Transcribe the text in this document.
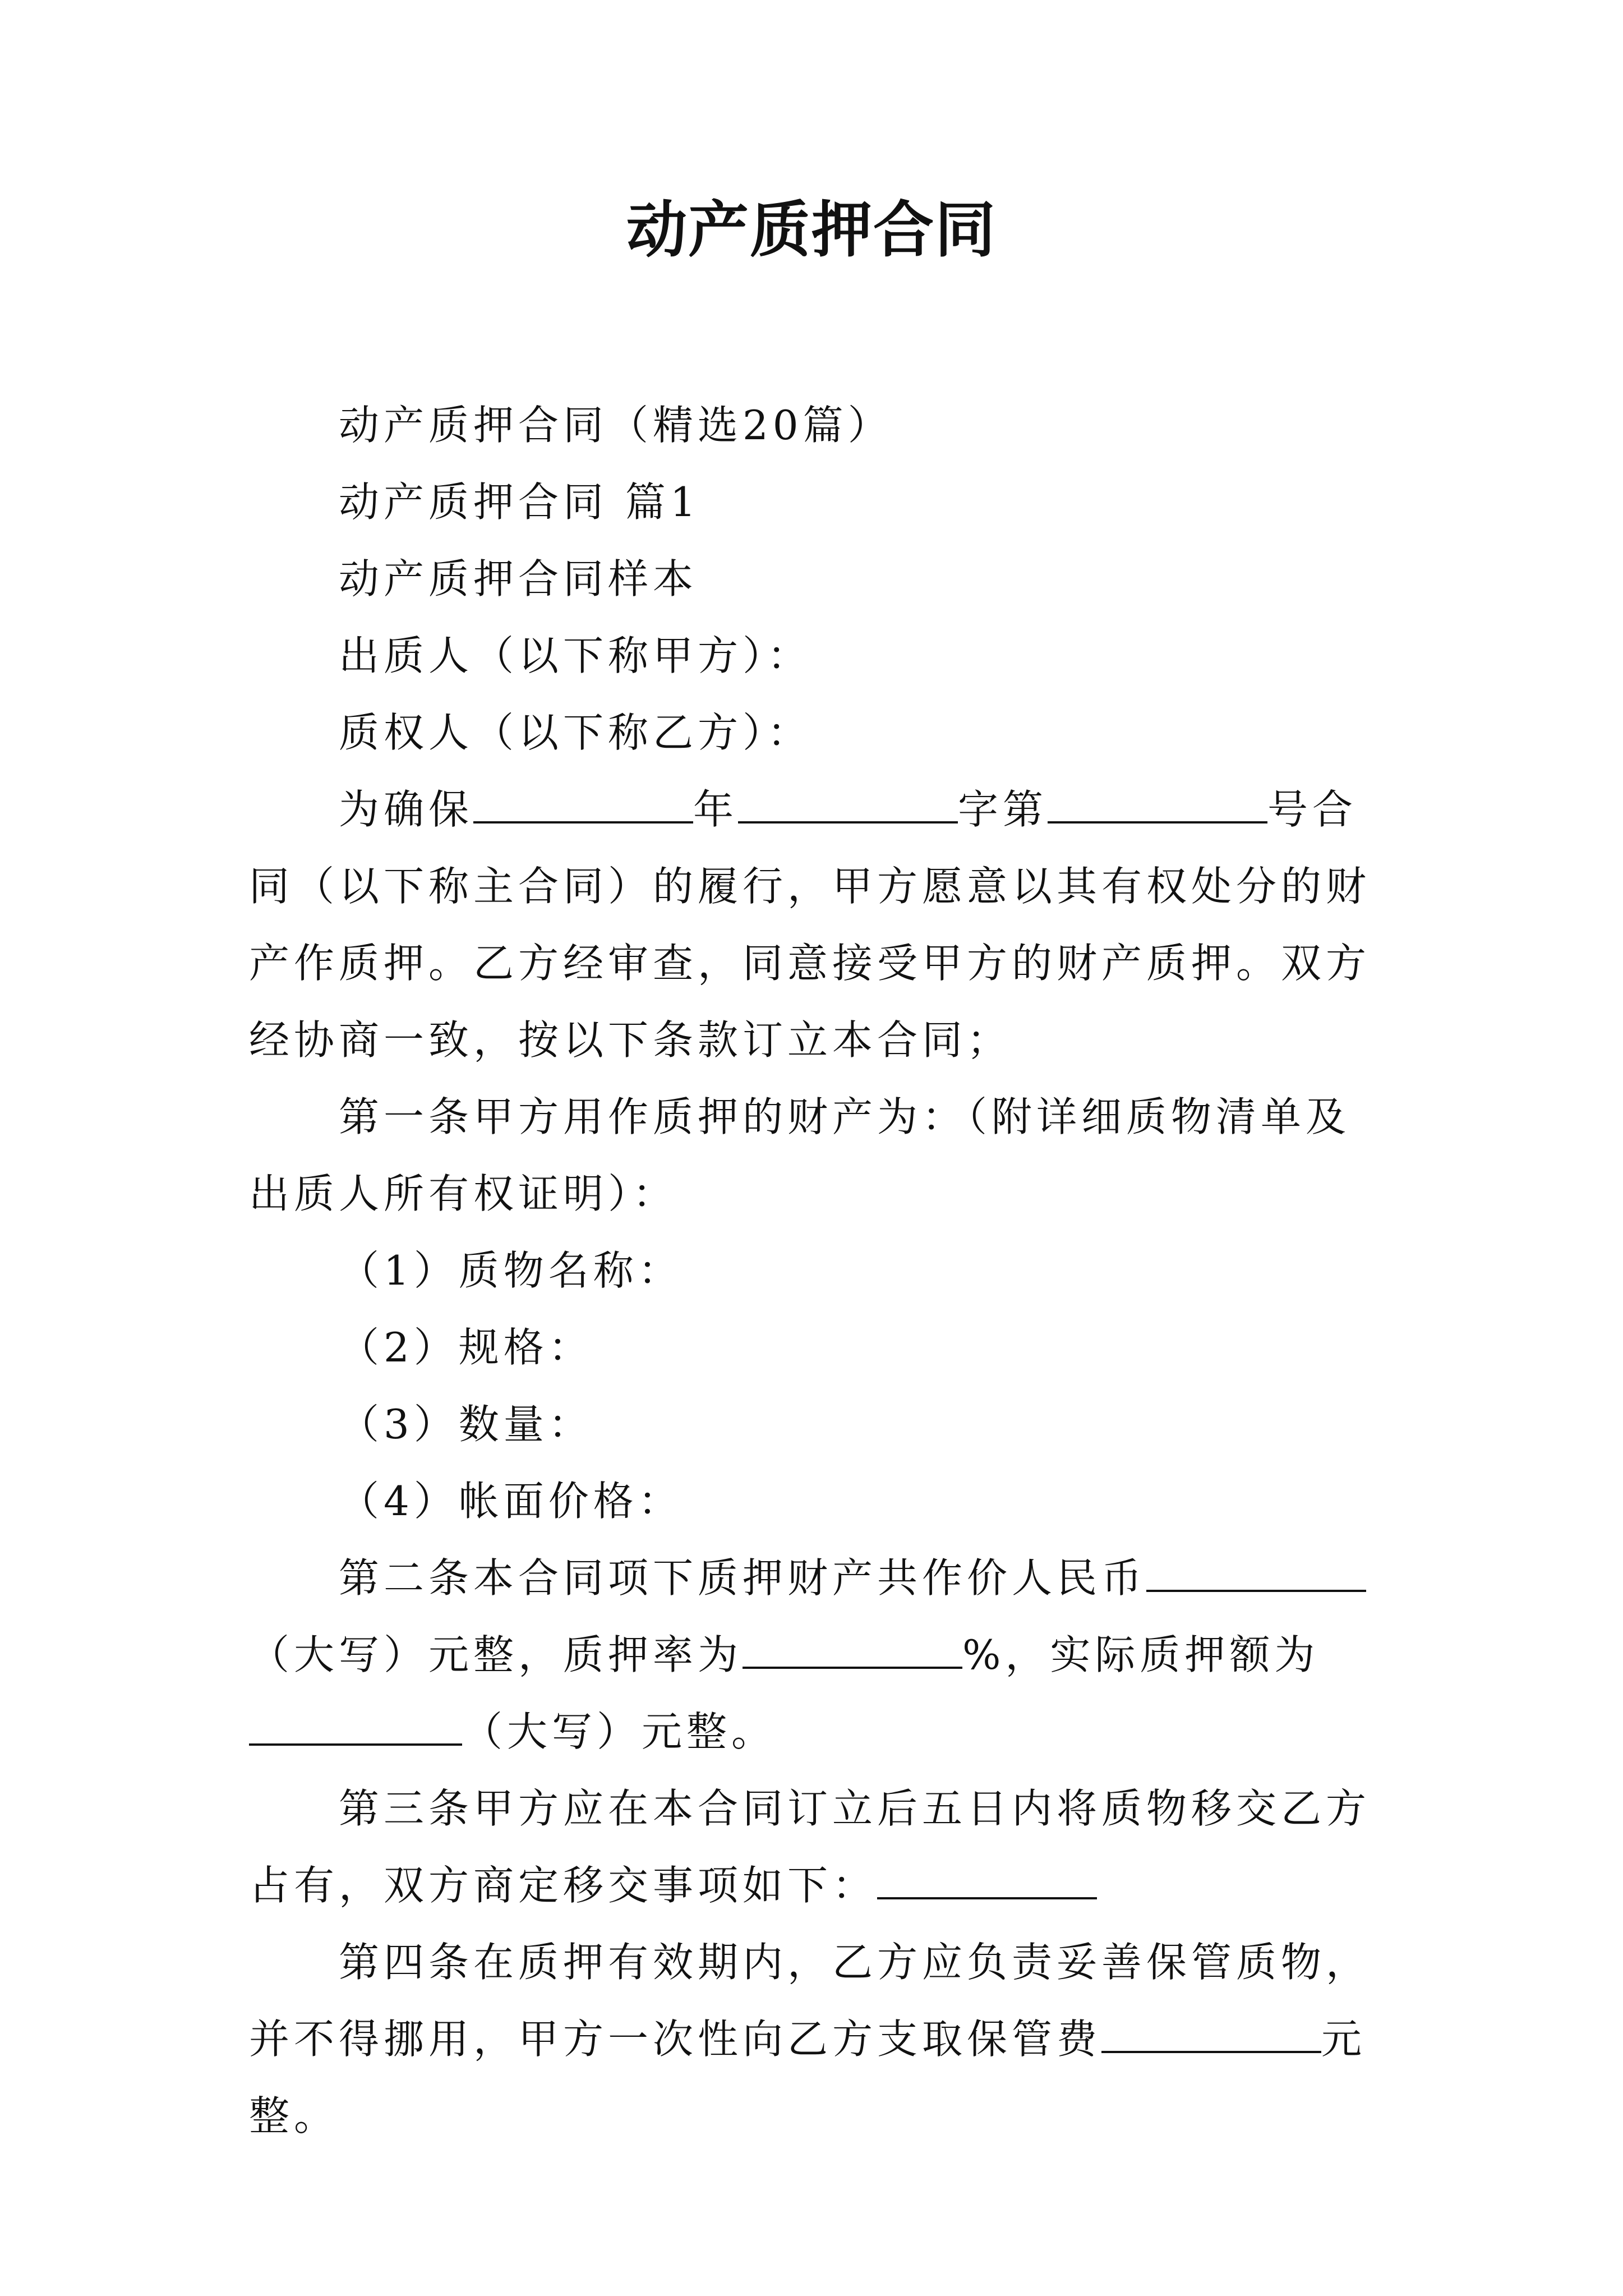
动产质押合同

动产质押合同（精选20篇）

动产质押合同 篇1

动产质押合同样本

出质人（以下称甲方）：

质权人（以下称乙方）：

为确保	年	字第	号合同（以下称主合同）的履行，甲方愿意以其有权处分的财产作质押。乙方经审查，同意接受甲方的财产质押。双方经协商一致，按以下条款订立本合同；

第一条甲方用作质押的财产为：（附详细质物清单及出质人所有权证明）：

（1）质物名称：

（2）规格：

（3）数量：

（4）帐面价格：

第二条本合同项下质押财产共作价人民币（大写）元整，质押率为	%，实际质押额为（大写）元整。

第三条甲方应在本合同订立后五日内将质物移交乙方占有，双方商定移交事项如下：

第四条在质押有效期内，乙方应负责妥善保管质物，并不得挪用，甲方一次性向乙方支取保管费	元整。
